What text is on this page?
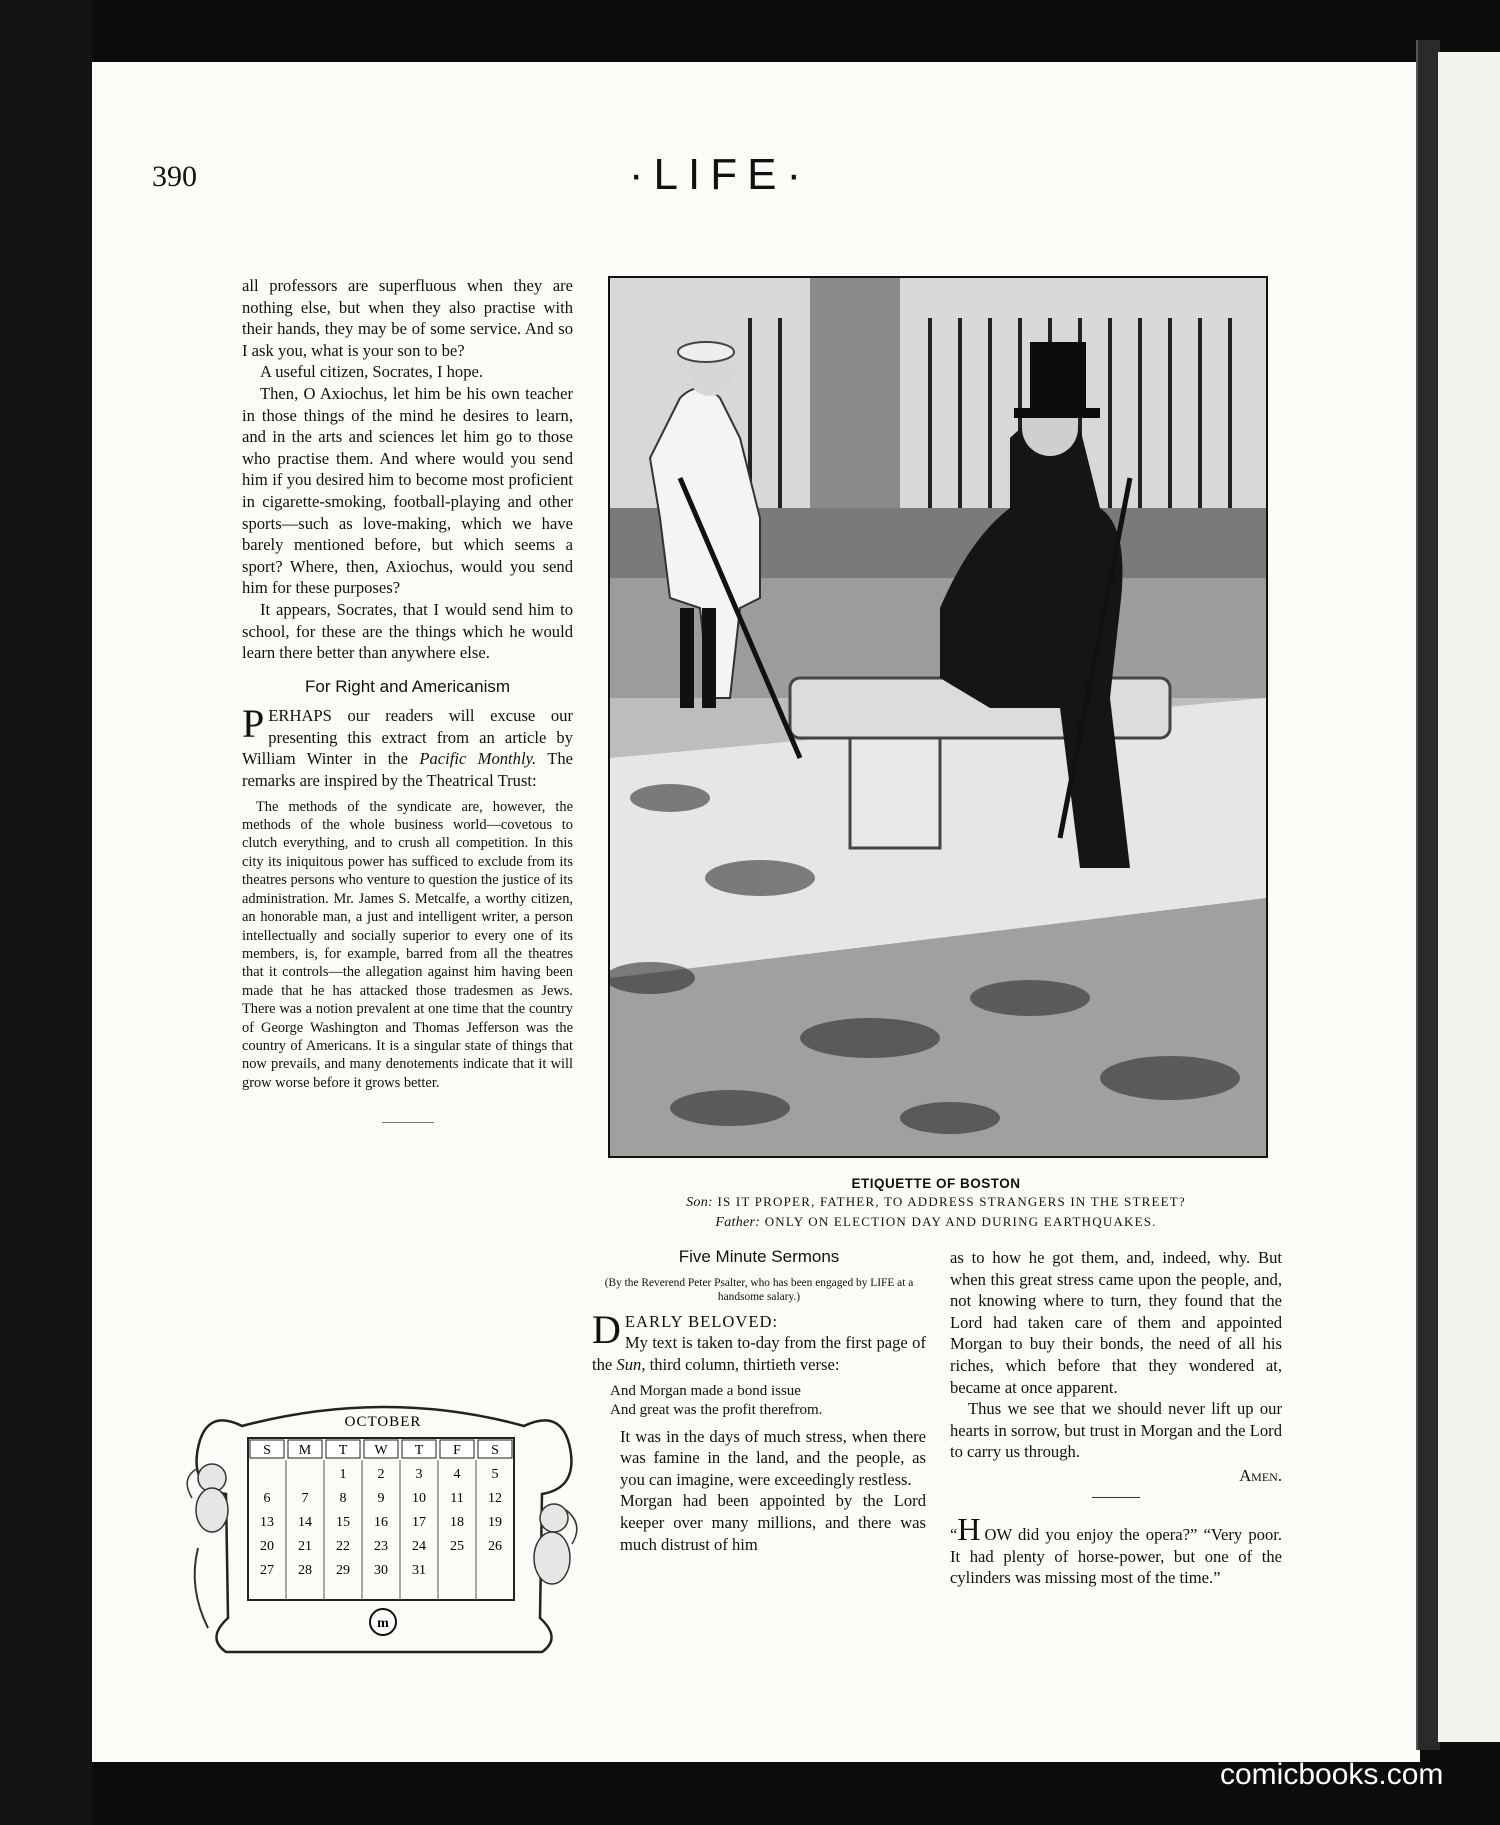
390	·LIFE·

all professors are superfluous when they are nothing else, but when they also practise with their hands, they may be of some service. And so I ask you, what is your son to be?

A useful citizen, Socrates, I hope.

Then, O Axiochus, let him be his own teacher in those things of the mind he desires to learn, and in the arts and sciences let him go to those who practise them. And where would you send him if you desired him to become most proficient in cigarette-smoking, football-playing and other sports—such as love-making, which we have barely mentioned before, but which seems a sport? Where, then, Axiochus, would you send him for these purposes?

It appears, Socrates, that I would send him to school, for these are the things which he would learn there better than anywhere else.

For Right and Americanism

PERHAPS our readers will excuse our presenting this extract from an article by William Winter in the Pacific Monthly. The remarks are inspired by the Theatrical Trust:

The methods of the syndicate are, however, the methods of the whole business world—covetous to clutch everything, and to crush all competition. In this city its iniquitous power has sufficed to exclude from its theatres persons who venture to question the justice of its administration. Mr. James S. Metcalfe, a worthy citizen, an honorable man, a just and intelligent writer, a person intellectually and socially superior to every one of its members, is, for example, barred from all the theatres that it controls—the allegation against him having been made that he has attacked those tradesmen as Jews. There was a notion prevalent at one time that the country of George Washington and Thomas Jefferson was the country of Americans. It is a singular state of things that now prevails, and many denotements indicate that it will grow worse before it grows better.

ETIQUETTE OF BOSTON
Son: IS IT PROPER, FATHER, TO ADDRESS STRANGERS IN THE STREET?
Father: ONLY ON ELECTION DAY AND DURING EARTHQUAKES.
OCTOBER
S M T W T F S
1 2 3 4 5
6 7 8 9 10 11 12
13 14 15 16 17 18 19
20 21 22 23 24 25 26
27 28 29 30 31
m
Five Minute Sermons
(By the Reverend Peter Psalter, who has been engaged by LIFE at a handsome salary.)

DEARLY BELOVED:
My text is taken to-day from the first page of the Sun, third column, thirtieth verse:

And Morgan made a bond issue
And great was the profit therefrom.

It was in the days of much stress, when there was famine in the land, and the people, as you can imagine, were exceedingly restless.

Morgan had been appointed by the Lord keeper over many millions, and there was much distrust of him

as to how he got them, and, indeed, why. But when this great stress came upon the people, and, not knowing where to turn, they found that the Lord had taken care of them and appointed Morgan to buy their bonds, the need of all his riches, which before that they wondered at, became at once apparent.

Thus we see that we should never lift up our hearts in sorrow, but trust in Morgan and the Lord to carry us through.

Amen.

“H OW did you enjoy the opera?” “Very poor. It had plenty of horse-power, but one of the cylinders was missing most of the time.”

comicbooks.com
